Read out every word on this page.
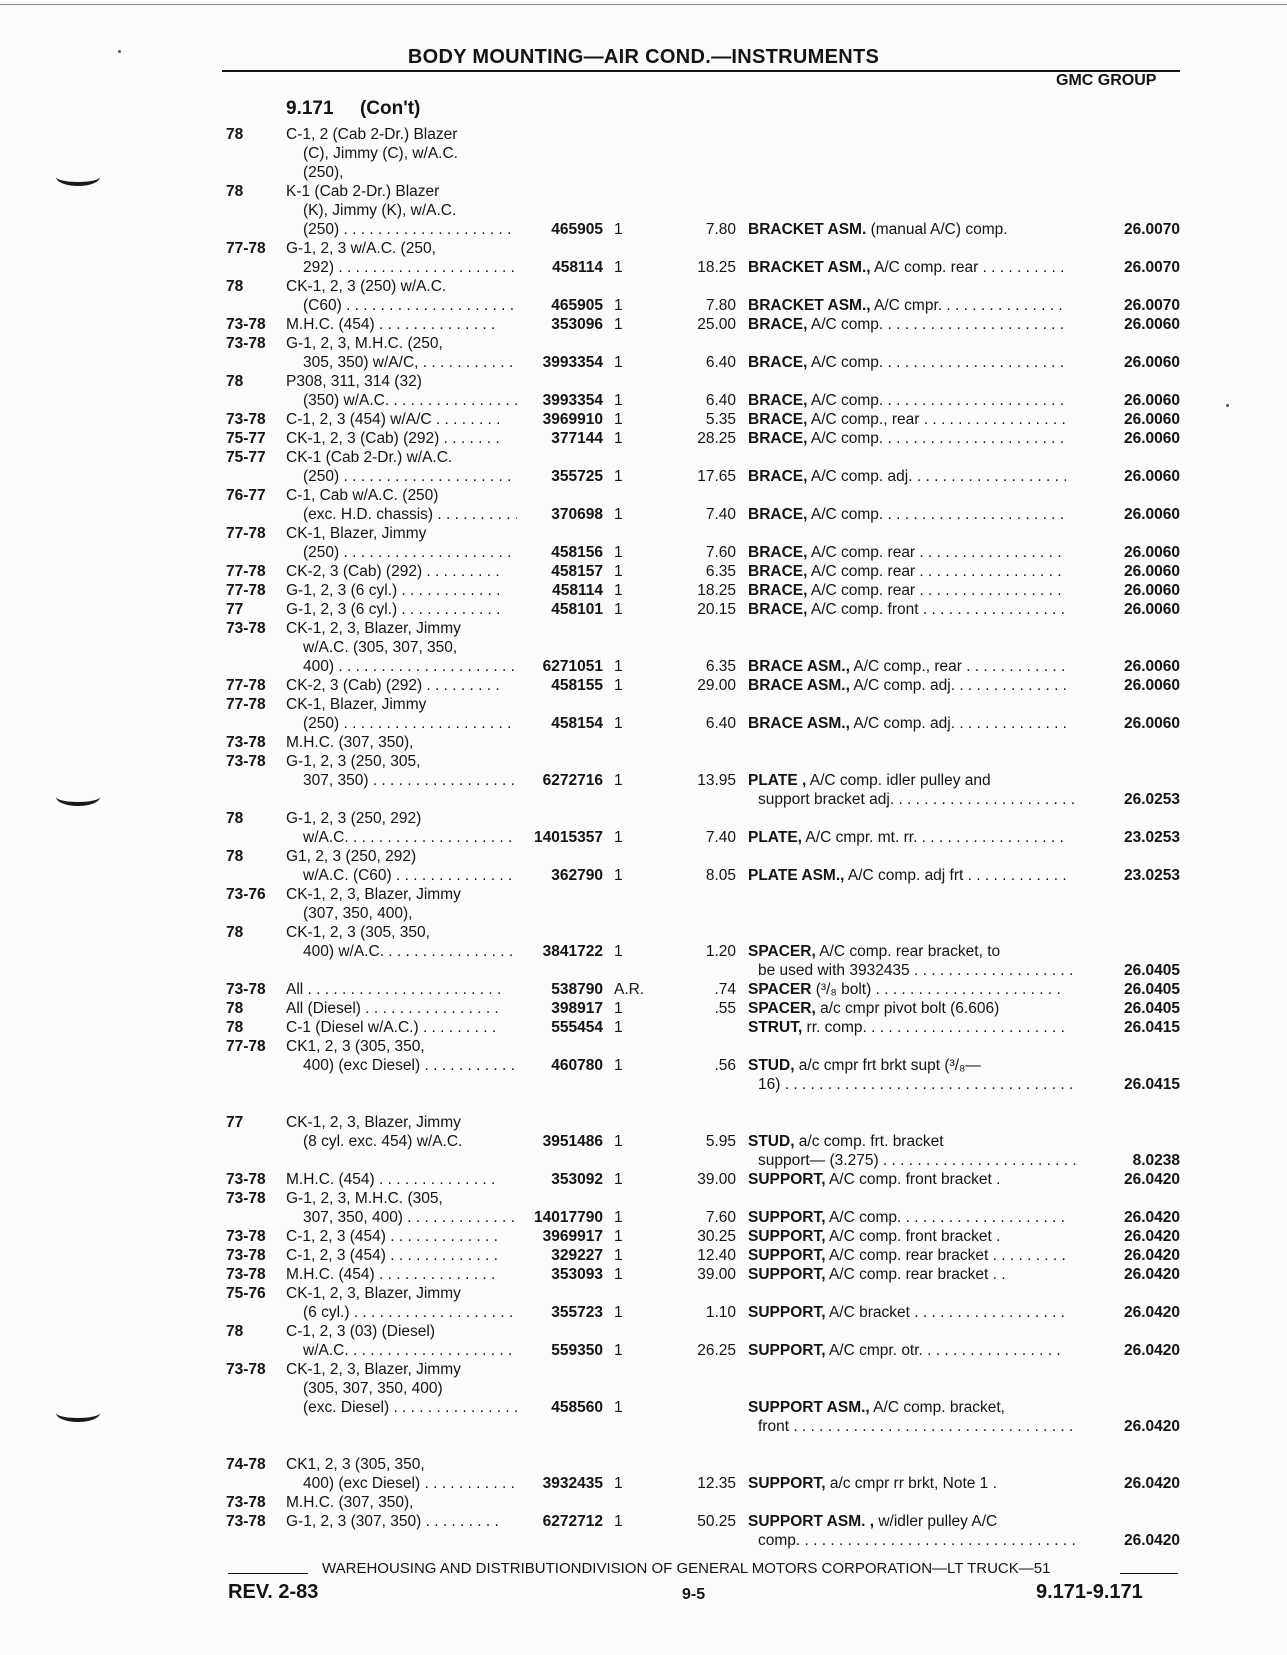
BODY MOUNTING—AIR COND.—INSTRUMENTS
GMC GROUP
9.171     (Con't)
78	C-1, 2 (Cab 2-Dr.) Blazer
(C), Jimmy (C), w/A.C.
(250),
78	K-1 (Cab 2-Dr.) Blazer
(K), Jimmy (K), w/A.C.
(250) . . .	465905 1	7.80 BRACKET ASM. (manual A/C) comp.	26.0070
77-78	G-1, 2, 3 w/A.C. (250,
292) . . .	458114 1	18.25 BRACKET ASM., A/C comp. rear . . .	26.0070
78	CK-1, 2, 3 (250) w/A.C.
(C60) . . .	465905 1	7.80 BRACKET ASM., A/C cmpr. . . .	26.0070
73-78	M.H.C. (454) . . .	353096 1	25.00 BRACE, A/C comp. . . .	26.0060
73-78	G-1, 2, 3, M.H.C. (250,
305, 350) w/A/C, . . .	3993354 1	6.40 BRACE, A/C comp. . . .	26.0060
78	P308, 311, 314 (32)
(350) w/A.C. . . .	3993354 1	6.40 BRACE, A/C comp. . . .	26.0060
73-78	C-1, 2, 3 (454) w/A/C . . .	3969910 1	5.35 BRACE, A/C comp., rear . . .	26.0060
75-77	CK-1, 2, 3 (Cab) (292) . . .	377144 1	28.25 BRACE, A/C comp. . . .	26.0060
75-77	CK-1 (Cab 2-Dr.) w/A.C.
(250) . . .	355725 1	17.65 BRACE, A/C comp. adj. . . .	26.0060
76-77	C-1, Cab w/A.C. (250)
(exc. H.D. chassis) . . .	370698 1	7.40 BRACE, A/C comp. . . .	26.0060
77-78	CK-1, Blazer, Jimmy
(250) . . .	458156 1	7.60 BRACE, A/C comp. rear . . .	26.0060
77-78	CK-2, 3 (Cab) (292) . . .	458157 1	6.35 BRACE, A/C comp. rear . . .	26.0060
77-78	G-1, 2, 3 (6 cyl.) . . .	458114 1	18.25 BRACE, A/C comp. rear . . .	26.0060
77	G-1, 2, 3 (6 cyl.) . . .	458101 1	20.15 BRACE, A/C comp. front . . .	26.0060
73-78	CK-1, 2, 3, Blazer, Jimmy
w/A.C. (305, 307, 350,
400) . . .	6271051 1	6.35 BRACE ASM., A/C comp., rear . . .	26.0060
77-78	CK-2, 3 (Cab) (292) . . .	458155 1	29.00 BRACE ASM., A/C comp. adj. . . .	26.0060
77-78	CK-1, Blazer, Jimmy
(250) . . .	458154 1	6.40 BRACE ASM., A/C comp. adj. . . .	26.0060
73-78	M.H.C. (307, 350),
73-78	G-1, 2, 3 (250, 305,
307, 350) . . .	6272716 1	13.95 PLATE , A/C comp. idler pulley and
support bracket adj. . . .	26.0253
78	G-1, 2, 3 (250, 292)
w/A.C. . . .	14015357 1	7.40 PLATE, A/C cmpr. mt. rr. . . .	23.0253
78	G1, 2, 3 (250, 292)
w/A.C. (C60) . . .	362790 1	8.05 PLATE ASM., A/C comp. adj frt . . .	23.0253
73-76	CK-1, 2, 3, Blazer, Jimmy
(307, 350, 400),
78	CK-1, 2, 3 (305, 350,
400) w/A.C. . . .	3841722 1	1.20 SPACER, A/C comp. rear bracket, to
be used with 3932435 . . .	26.0405
73-78	All . . .	538790 A.R.	.74 SPACER (³/₈ bolt) . . .	26.0405
78	All (Diesel) . . .	398917 1	.55 SPACER, a/c cmpr pivot bolt (6.606)	26.0405
78	C-1 (Diesel w/A.C.) . . .	555454 1	STRUT, rr. comp. . . .	26.0415
77-78	CK1, 2, 3 (305, 350,
400) (exc Diesel) . . .	460780 1	.56 STUD, a/c cmpr frt brkt supt (³/₈—
16) . . .	26.0415
77	CK-1, 2, 3, Blazer, Jimmy
(8 cyl. exc. 454) w/A.C.	3951486 1	5.95 STUD, a/c comp. frt. bracket
support— (3.275) . . .	8.0238
73-78	M.H.C. (454) . . .	353092 1	39.00 SUPPORT, A/C comp. front bracket .	26.0420
73-78	G-1, 2, 3, M.H.C. (305,
307, 350, 400) . . .	14017790 1	7.60 SUPPORT, A/C comp. . . .	26.0420
73-78	C-1, 2, 3 (454) . . .	3969917 1	30.25 SUPPORT, A/C comp. front bracket .	26.0420
73-78	C-1, 2, 3 (454) . . .	329227 1	12.40 SUPPORT, A/C comp. rear bracket . . .	26.0420
73-78	M.H.C. (454) . . .	353093 1	39.00 SUPPORT, A/C comp. rear bracket . .	26.0420
75-76	CK-1, 2, 3, Blazer, Jimmy
(6 cyl.) . . .	355723 1	1.10 SUPPORT, A/C bracket . . .	26.0420
78	C-1, 2, 3 (03) (Diesel)
w/A.C. . . .	559350 1	26.25 SUPPORT, A/C cmpr. otr. . . .	26.0420
73-78	CK-1, 2, 3, Blazer, Jimmy
(305, 307, 350, 400)
(exc. Diesel) . . .	458560 1	SUPPORT ASM., A/C comp. bracket,
front . . .	26.0420
74-78	CK1, 2, 3 (305, 350,
400) (exc Diesel) . . .	3932435 1	12.35 SUPPORT, a/c cmpr rr brkt, Note 1 .	26.0420
73-78	M.H.C. (307, 350),
73-78	G-1, 2, 3 (307, 350) . . .	6272712 1	50.25 SUPPORT ASM. , w/idler pulley A/C
comp. . . .	26.0420
WAREHOUSING AND DISTRIBUTIONDIVISION OF GENERAL MOTORS CORPORATION—LT TRUCK—51
REV. 2-83	9-5	9.171-9.171
